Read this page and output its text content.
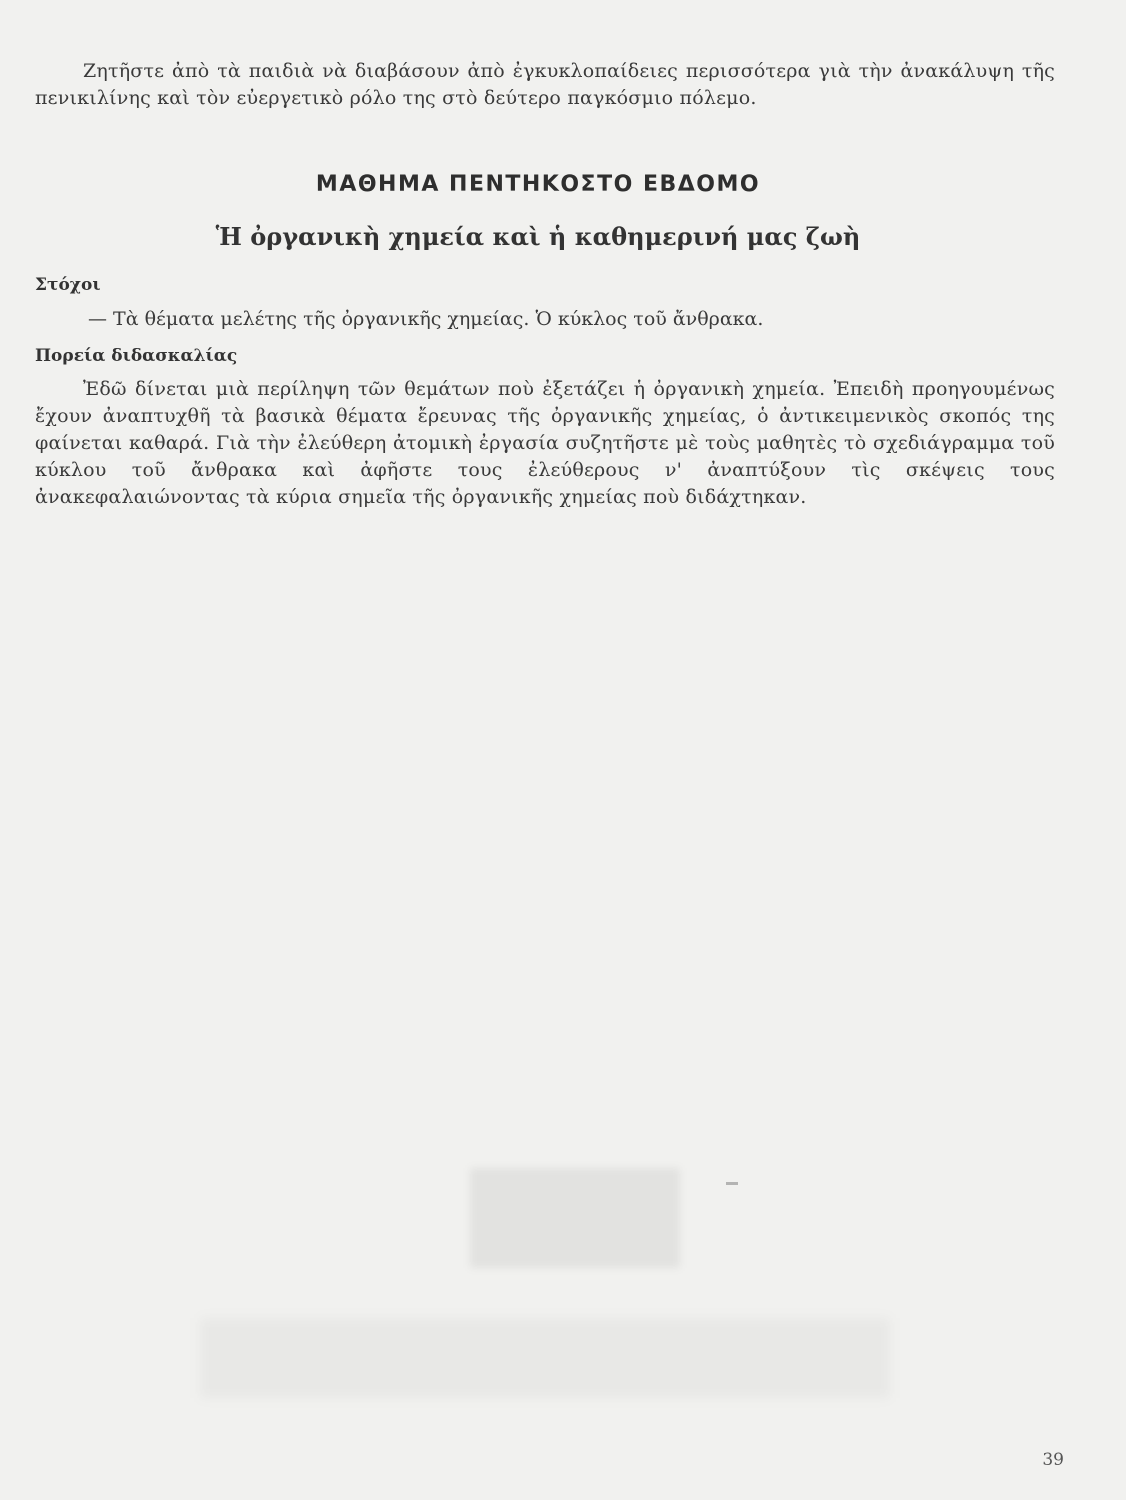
Ζητῆστε ἀπὸ τὰ παιδιὰ νὰ διαβάσουν ἀπὸ ἐγκυκλοπαίδειες περισσότερα γιὰ τὴν ἀνακάλυψη τῆς πενικιλίνης καὶ τὸν εὐεργετικὸ ρόλο της στὸ δεύτερο παγκόσμιο πόλεμο.

ΜΑΘΗΜΑ ΠΕΝΤΗΚΟΣΤΟ ΕΒΔΟΜΟ
Ἡ ὀργανικὴ χημεία καὶ ἡ καθημερινή μας ζωὴ

Στόχοι

— Τὰ θέματα μελέτης τῆς ὀργανικῆς χημείας. Ὁ κύκλος τοῦ ἄνθρακα.

Πορεία διδασκαλίας

Ἐδῶ δίνεται μιὰ περίληψη τῶν θεμάτων ποὺ ἐξετάζει ἡ ὀργανικὴ χημεία. Ἐπειδὴ προηγουμένως ἔχουν ἀναπτυχθῆ τὰ βασικὰ θέματα ἔρευνας τῆς ὀργανικῆς χημείας, ὁ ἀντικειμενικὸς σκοπός της φαίνεται καθαρά. Γιὰ τὴν ἐλεύθερη ἀτομικὴ ἐργασία συζητῆστε μὲ τοὺς μαθητὲς τὸ σχεδιάγραμμα τοῦ κύκλου τοῦ ἄνθρακα καὶ ἀφῆστε τους ἐλεύθερους ν' ἀναπτύξουν τὶς σκέψεις τους ἀνακεφαλαιώνοντας τὰ κύρια σημεῖα τῆς ὀργανικῆς χημείας ποὺ διδάχτηκαν.

39
